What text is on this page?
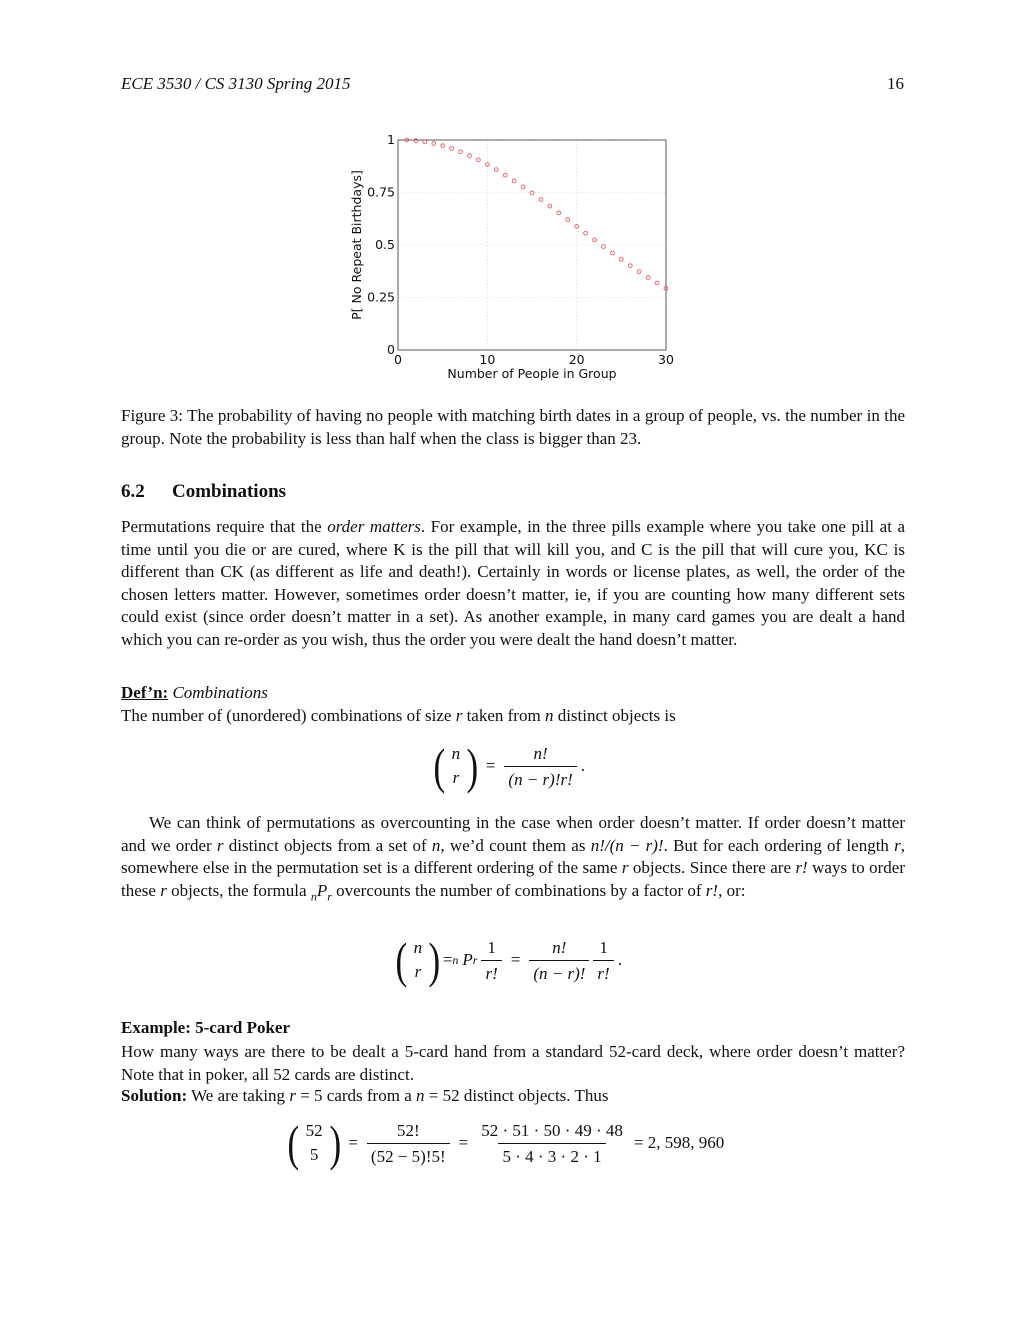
ECE 3530 / CS 3130 Spring 2015	16
0	10	20	30
0
0.25
0.5
0.75
1
Number of People in Group
P[ No Repeat Birthdays]
Figure 3: The probability of having no people with matching birth dates in a group of people, vs. the number in the group. Note the probability is less than half when the class is bigger than 23.
6.2 Combinations

Permutations require that the order matters. For example, in the three pills example where you take one pill at a time until you die or are cured, where K is the pill that will kill you, and C is the pill that will cure you, KC is different than CK (as different as life and death!). Certainly in words or license plates, as well, the order of the chosen letters matter. However, sometimes order doesn’t matter, ie, if you are counting how many different sets could exist (since order doesn’t matter in a set). As another example, in many card games you are dealt a hand which you can re-order as you wish, thus the order you were dealt the hand doesn’t matter.

Def’n: Combinations
The number of (unordered) combinations of size r taken from n distinct objects is
( n
r ) = $\frac{n!}{(n - r)!r!}$ .

We can think of permutations as overcounting in the case when order doesn’t matter. If order doesn’t matter and we order r distinct objects from a set of n, we’d count them as n!/(n − r)!. But for each ordering of length r, somewhere else in the permutation set is a different ordering of the same r objects. Since there are r! ways to order these r objects, the formula $_nP_r$ overcounts the number of combinations by a factor of r!, or:

( n
r ) = n P r $\frac{1}{r!} = \frac{n!}{(n - r)!} \frac{1}{r!}$ .
Example: 5-card Poker
How many ways are there to be dealt a 5-card hand from a standard 52-card deck, where order doesn’t matter? Note that in poker, all 52 cards are distinct.
Solution: We are taking r = 5 cards from a n = 52 distinct objects. Thus
( 52
5 ) = $\frac{52!}{(52 - 5)!5!} = \frac{52 \cdot 51 \cdot 50 \cdot 49 \cdot 48}{5 \cdot 4 \cdot 3 \cdot 2 \cdot 1} = 2$, 598, 960
